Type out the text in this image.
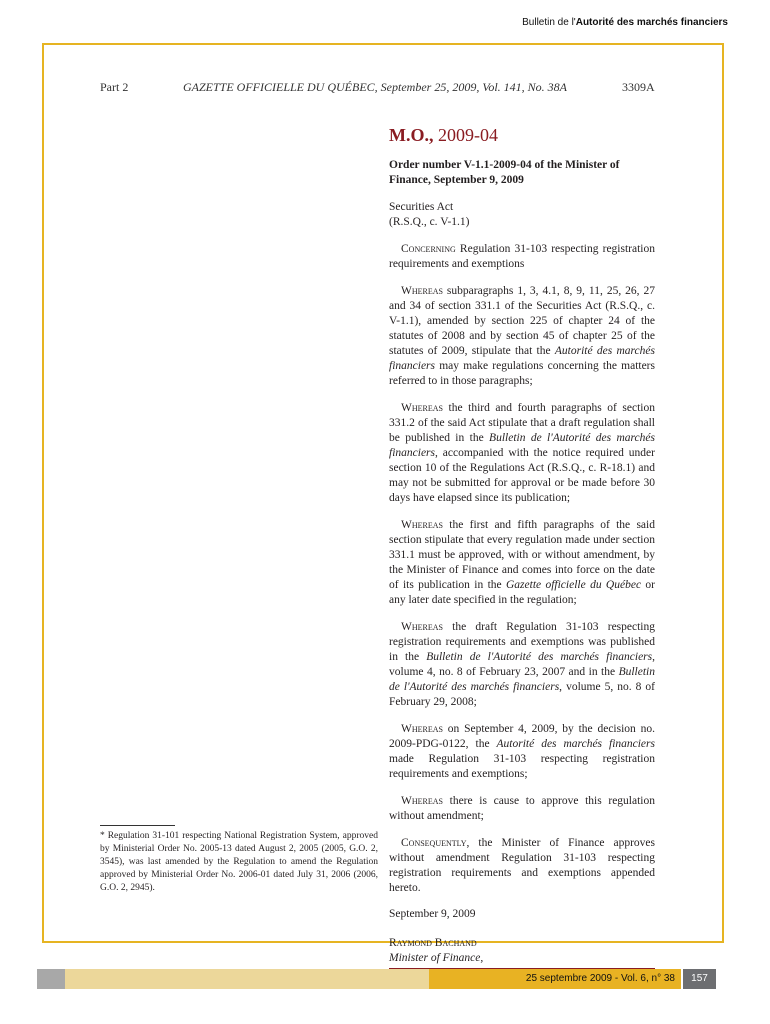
Bulletin de l'Autorité des marchés financiers
Part 2	GAZETTE OFFICIELLE DU QUÉBEC, September 25, 2009, Vol. 141, No. 38A	3309A
M.O., 2009-04
Order number V-1.1-2009-04 of the Minister of
Finance, September 9, 2009
Securities Act
(R.S.Q., c. V-1.1)

Concerning Regulation 31-103 respecting registration requirements and exemptions

Whereas subparagraphs 1, 3, 4.1, 8, 9, 11, 25, 26, 27 and 34 of section 331.1 of the Securities Act (R.S.Q., c. V-1.1), amended by section 225 of chapter 24 of the statutes of 2008 and by section 45 of chapter 25 of the statutes of 2009, stipulate that the Autorité des marchés financiers may make regulations concerning the matters referred to in those paragraphs;

Whereas the third and fourth paragraphs of section 331.2 of the said Act stipulate that a draft regulation shall be published in the Bulletin de l'Autorité des marchés financiers, accompanied with the notice required under section 10 of the Regulations Act (R.S.Q., c. R-18.1) and may not be submitted for approval or be made before 30 days have elapsed since its publication;

Whereas the first and fifth paragraphs of the said section stipulate that every regulation made under section 331.1 must be approved, with or without amendment, by the Minister of Finance and comes into force on the date of its publication in the Gazette officielle du Québec or any later date specified in the regulation;

Whereas the draft Regulation 31-103 respecting registration requirements and exemptions was published in the Bulletin de l'Autorité des marchés financiers, volume 4, no. 8 of February 23, 2007 and in the Bulletin de l'Autorité des marchés financiers, volume 5, no. 8 of February 29, 2008;

Whereas on September 4, 2009, by the decision no. 2009-PDG-0122, the Autorité des marchés financiers made Regulation 31-103 respecting registration requirements and exemptions;

Whereas there is cause to approve this regulation without amendment;

Consequently, the Minister of Finance approves without amendment Regulation 31-103 respecting registration requirements and exemptions appended hereto.

September 9, 2009
Raymond Bachand
Minister of Finance,
* Regulation 31-101 respecting National Registration System, approved by Ministerial Order No. 2005-13 dated August 2, 2005 (2005, G.O. 2, 3545), was last amended by the Regulation to amend the Regulation approved by Ministerial Order No. 2006-01 dated July 31, 2006 (2006, G.O. 2, 2945).
25 septembre 2009 - Vol. 6, n° 38	157
